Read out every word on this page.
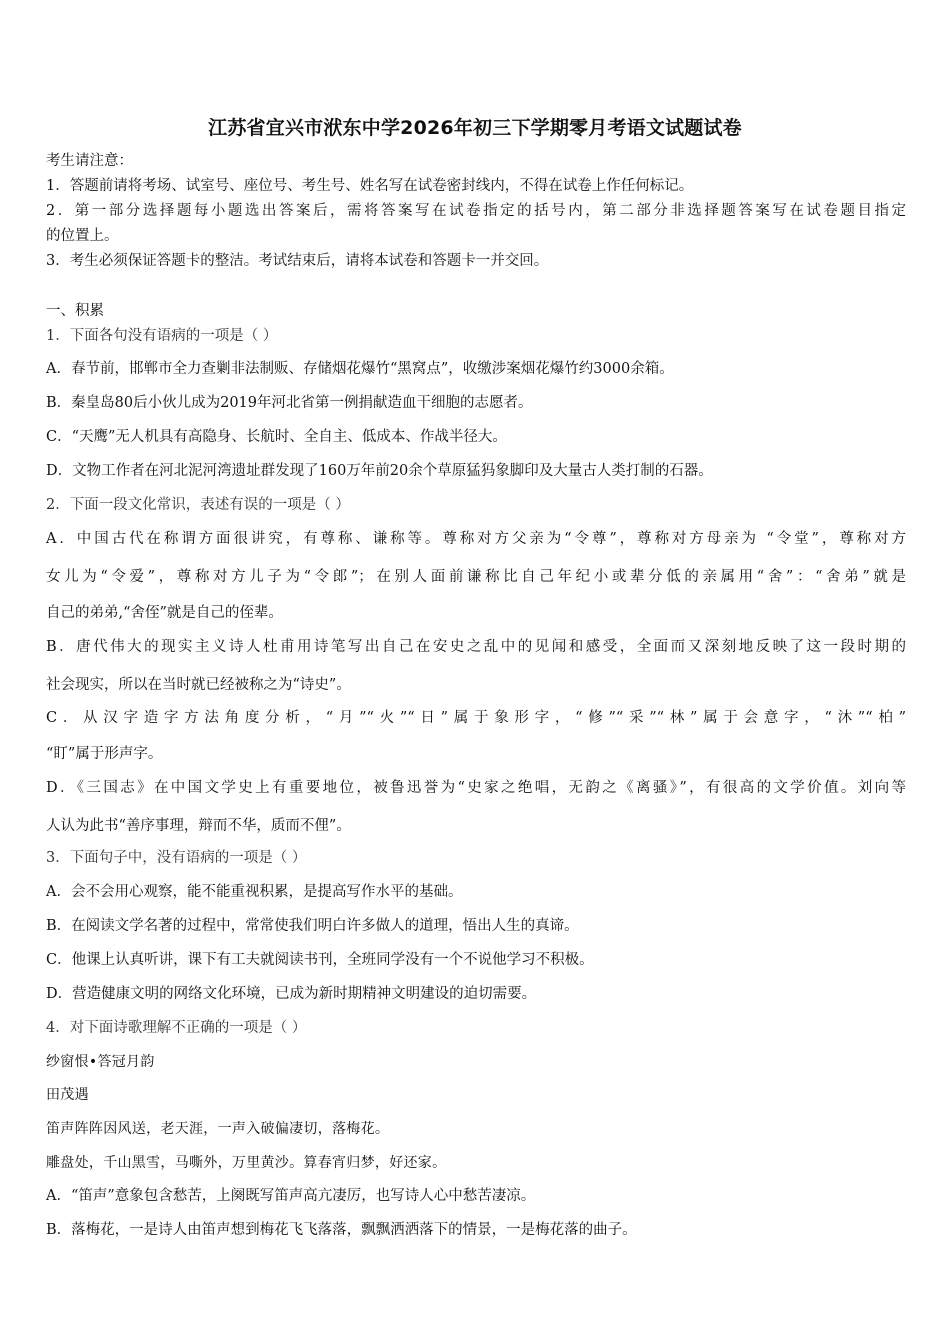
江苏省宜兴市洑东中学2026年初三下学期零月考语文试题试卷
考生请注意：
1．答题前请将考场、试室号、座位号、考生号、姓名写在试卷密封线内，不得在试卷上作任何标记。
2．第一部分选择题每小题选出答案后，需将答案写在试卷指定的括号内，第二部分非选择题答案写在试卷题目指定
的位置上。
3．考生必须保证答题卡的整洁。考试结束后，请将本试卷和答题卡一并交回。
一、积累
1．下面各句没有语病的一项是（ ）
A．春节前，邯郸市全力查剿非法制贩、存储烟花爆竹“黑窝点”，收缴涉案烟花爆竹约3000余箱。
B．秦皇岛80后小伙儿成为2019年河北省第一例捐献造血干细胞的志愿者。
C．“天鹰”无人机具有高隐身、长航时、全自主、低成本、作战半径大。
D．文物工作者在河北泥河湾遗址群发现了160万年前20余个草原猛犸象脚印及大量古人类打制的石器。
2．下面一段文化常识，表述有误的一项是（ ）
A．中国古代在称谓方面很讲究，有尊称、谦称等。尊称对方父亲为“令尊”，尊称对方母亲为 “令堂”，尊称对方
女儿为“令爱”，尊称对方儿子为“令郎”；在别人面前谦称比自己年纪小或辈分低的亲属用“舍”：“舍弟”就是
自己的弟弟,“舍侄”就是自己的侄辈。
B．唐代伟大的现实主义诗人杜甫用诗笔写出自己在安史之乱中的见闻和感受，全面而又深刻地反映了这一段时期的
社会现实，所以在当时就已经被称之为“诗史”。
C．从汉字造字方法角度分析，“月”“火”“日”属于象形字，“修”“采”“林”属于会意字，“沐”“柏”
“盯”属于形声字。
D．《三国志》在中国文学史上有重要地位，被鲁迅誉为“史家之绝唱，无韵之《离骚》”，有很高的文学价值。刘向等
人认为此书“善序事理，辩而不华，质而不俚”。
3．下面句子中，没有语病的一项是（ ）
A．会不会用心观察，能不能重视积累，是提高写作水平的基础。
B．在阅读文学名著的过程中，常常使我们明白许多做人的道理，悟出人生的真谛。
C．他课上认真听讲，课下有工夫就阅读书刊，全班同学没有一个不说他学习不积极。
D．营造健康文明的网络文化环境，已成为新时期精神文明建设的迫切需要。
4．对下面诗歌理解不正确的一项是（ ）
纱窗恨•答冠月韵
田茂遇
笛声阵阵因风送，老天涯，一声入破偏凄切，落梅花。
雕盘处，千山黑雪，马嘶外，万里黄沙。算春宵归梦，好还家。
A．“笛声”意象包含愁苦，上阕既写笛声高亢凄厉，也写诗人心中愁苦凄凉。
B．落梅花，一是诗人由笛声想到梅花飞飞落落，飘飘洒洒落下的情景，一是梅花落的曲子。
